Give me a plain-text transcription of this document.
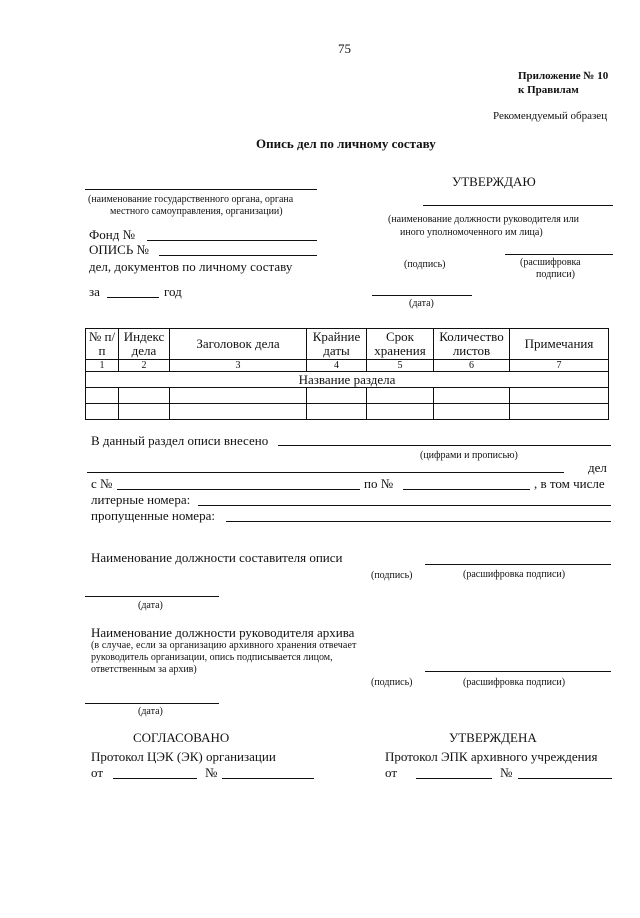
75
Приложение № 10
к Правилам
Рекомендуемый образец
Опись дел по личному составу
УТВЕРЖДАЮ
(наименование должности руководителя или
иного уполномоченного им лица)
(подпись)	(расшифровка
подписи)
(дата)
(наименование государственного органа, органа
местного самоуправления, организации)
Фонд №
ОПИСЬ №
дел, документов по личному составу
за	год
№ п/п	Индекс дела	Заголовок дела	Крайние даты	Срок хранения	Количество листов	Примечания
1	2	3	4	5	6	7
Название раздела						

В данный раздел описи внесено
(цифрами и прописью)
дел
с №	по №	, в том числе
литерные номера:
пропущенные номера:
Наименование должности составителя описи
(подпись)	(расшифровка подписи)
(дата)
Наименование должности руководителя архива
(в случае, если за организацию архивного хранения отвечает
руководитель организации, опись подписывается лицом,
ответственным за архив)
(подпись)	(расшифровка подписи)
(дата)
СОГЛАСОВАНО
Протокол ЦЭК (ЭК) организации
от	№
УТВЕРЖДЕНА
Протокол ЭПК архивного учреждения
от	№
